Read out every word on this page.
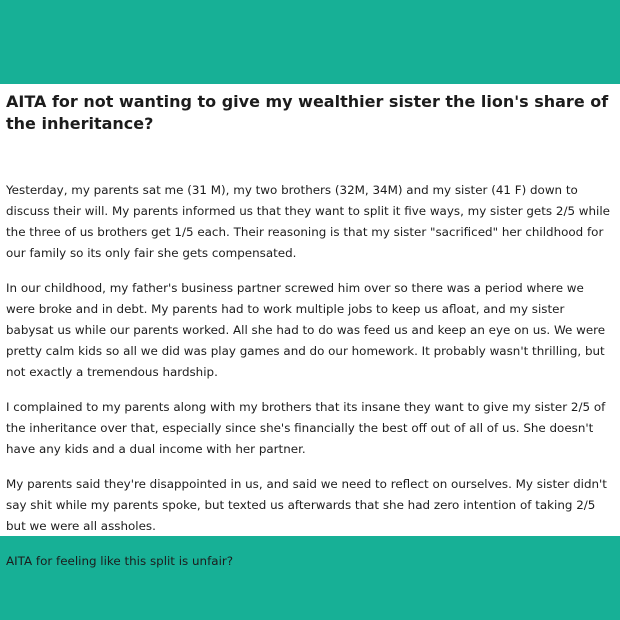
AITA for not wanting to give my wealthier sister the lion's share of the inheritance?

Yesterday, my parents sat me (31 M), my two brothers (32M, 34M) and my sister (41 F) down to discuss their will. My parents informed us that they want to split it five ways, my sister gets 2/5 while the three of us brothers get 1/5 each. Their reasoning is that my sister "sacrificed" her childhood for our family so its only fair she gets compensated.

In our childhood, my father's business partner screwed him over so there was a period where we were broke and in debt. My parents had to work multiple jobs to keep us afloat, and my sister babysat us while our parents worked. All she had to do was feed us and keep an eye on us. We were pretty calm kids so all we did was play games and do our homework. It probably wasn't thrilling, but not exactly a tremendous hardship.

I complained to my parents along with my brothers that its insane they want to give my sister 2/5 of the inheritance over that, especially since she's financially the best off out of all of us. She doesn't have any kids and a dual income with her partner.

My parents said they're disappointed in us, and said we need to reflect on ourselves. My sister didn't say shit while my parents spoke, but texted us afterwards that she had zero intention of taking 2/5 but we were all assholes.

AITA for feeling like this split is unfair?
